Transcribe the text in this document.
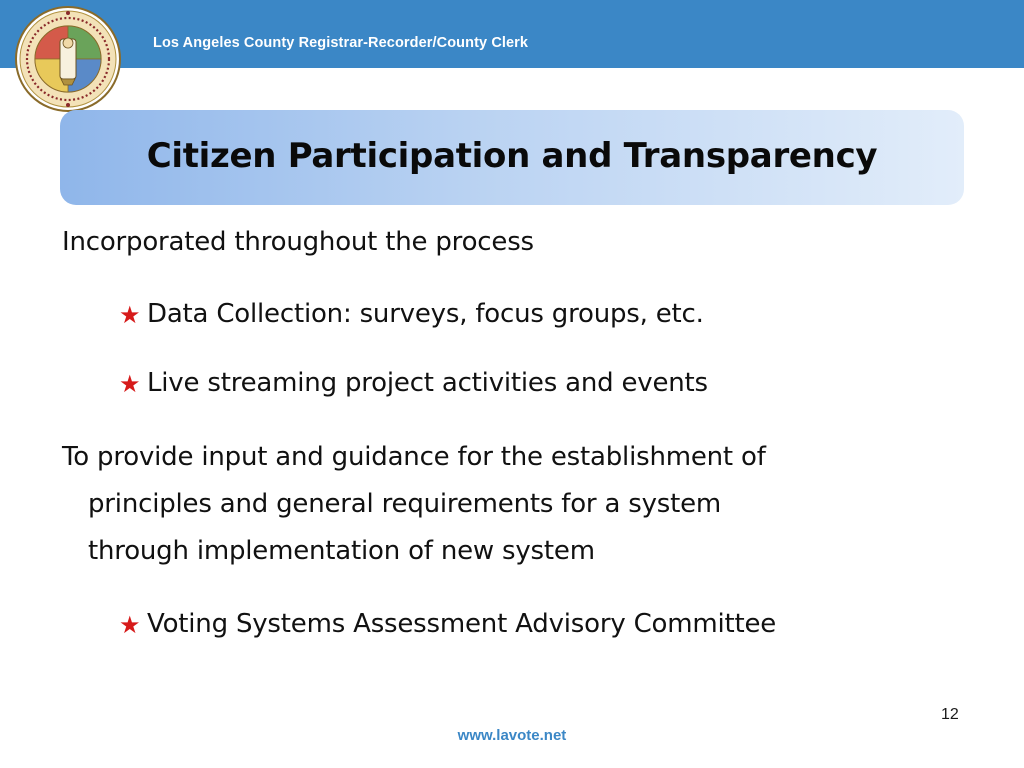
Los Angeles County Registrar-Recorder/County Clerk
Citizen Participation and Transparency
Incorporated throughout the process
★ Data Collection: surveys, focus groups, etc.
★ Live streaming project activities and events
To provide input and guidance for the establishment of
principles and general requirements for a system
through implementation of new system
★ Voting Systems Assessment Advisory Committee
12
www.lavote.net
